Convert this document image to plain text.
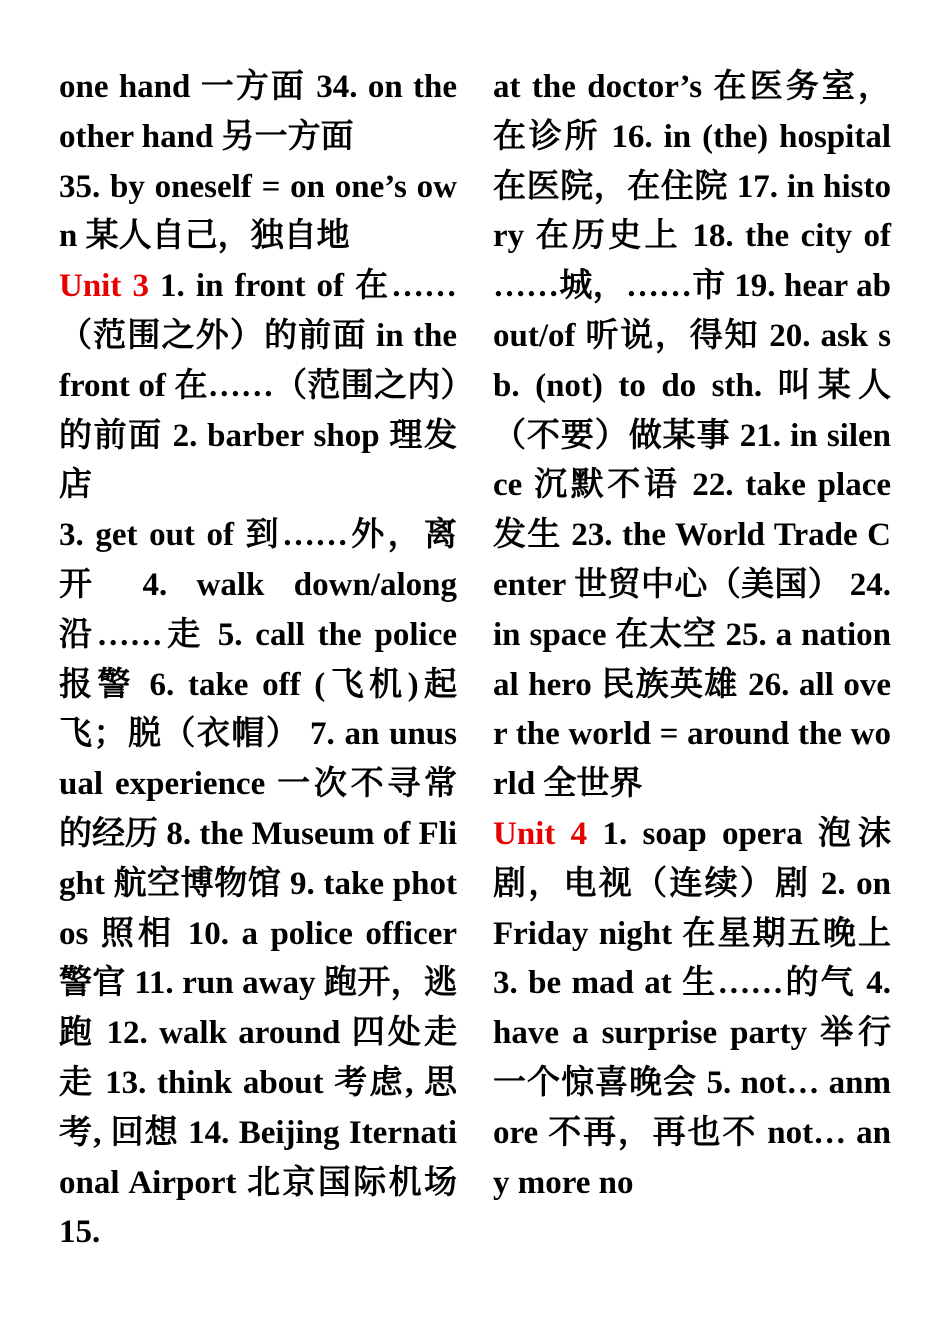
one hand 一方面 34. on the other hand 另一方面

35. by oneself = on one’s own 某人自己，独自地

Unit 3 1. in front of 在……（范围之外）的前面 in the front of 在……（范围之内）的前面 2. barber shop 理发店

3. get out of 到……外，离开 4. walk down/along 沿……走 5. call the police 报警 6. take off (飞机)起飞；脱（衣帽） 7. an unusual experience 一次不寻常的经历 8. the Museum of Flight 航空博物馆 9. take photos 照相 10. a police officer 警官 11. run away 跑开，逃跑 12. walk around 四处走走 13. think about 考虑, 思考, 回想 14. Beijing Iternational Airport 北京国际机场 15.

at the doctor’s 在医务室，在诊所 16. in (the) hospital 在医院，在住院 17. in history 在历史上 18. the city of ……城，……市 19. hear about/of 听说，得知 20. ask sb. (not) to do sth. 叫某人（不要）做某事 21. in silence 沉默不语 22. take place 发生 23. the World Trade Center 世贸中心（美国） 24. in space 在太空 25. a national hero 民族英雄 26. all over the world = around the world 全世界

Unit 4 1. soap opera 泡沫剧，电视（连续）剧 2. on Friday night 在星期五晚上 3. be mad at 生……的气 4. have a surprise party 举行一个惊喜晚会 5. not… anmore 不再，再也不 not… any more no
